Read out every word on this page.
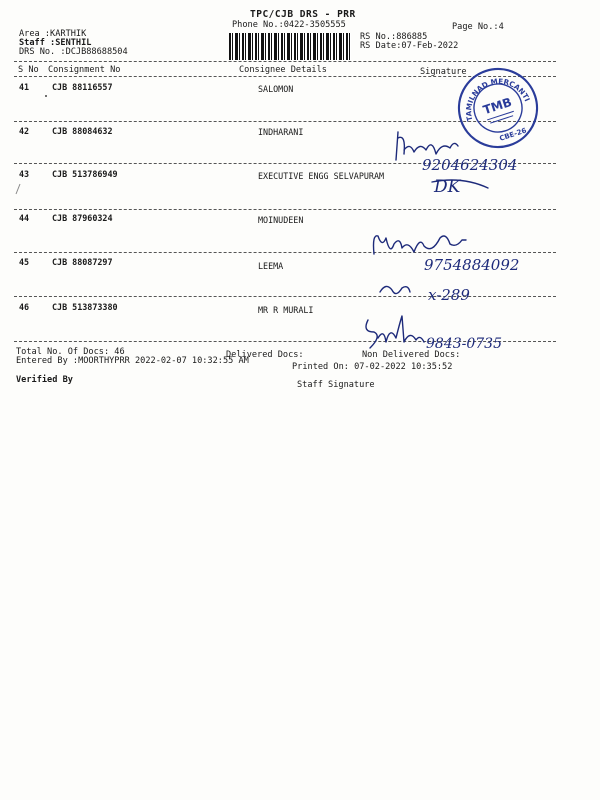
TPC/CJB DRS - PRR
Phone No.:0422-3505555	Page No.:4
Area :KARTHIK
Staff :SENTHIL
DRS No. :DCJB88688504
RS No.:886885
RS Date:07-Feb-2022
S No Consignment No	Consignee Details	Signature
41	CJB 88116557	SALOMON
42	CJB 88084632	INDHARANI
43	CJB 513786949	EXECUTIVE ENGG SELVAPURAM
44	CJB 87960324	MOINUDEEN
45	CJB 88087297	LEEMA
46	CJB 513873380	MR R MURALI
Total No. Of Docs: 46	Delivered Docs:	Non Delivered Docs:
Entered By :MOORTHYPRR 2022-02-07 10:32:55 AM
Printed On: 07-02-2022 10:35:52
Verified By	Staff Signature
TAMILNAD MERCANTILE
TMB
CBE-26
9204624304
DK
9754884092
x-289
9843-0735
